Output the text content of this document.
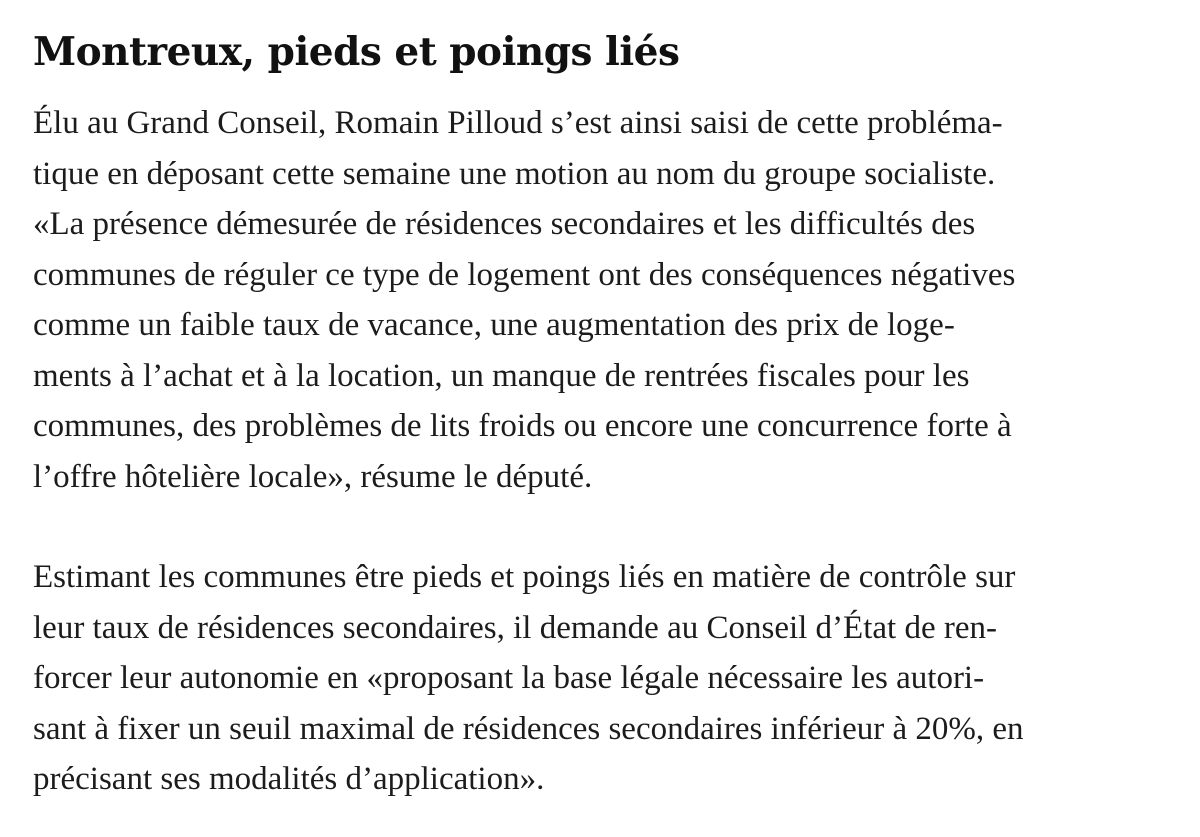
Montreux, pieds et poings liés

Élu au Grand Conseil, Romain Pilloud s’est ainsi saisi de cette probléma-
tique en déposant cette semaine une motion au nom du groupe socialiste.
«La présence démesurée de résidences secondaires et les difficultés des
communes de réguler ce type de logement ont des conséquences négatives
comme un faible taux de vacance, une augmentation des prix de loge-
ments à l’achat et à la location, un manque de rentrées fiscales pour les
communes, des problèmes de lits froids ou encore une concurrence forte à
l’offre hôtelière locale», résume le député.

Estimant les communes être pieds et poings liés en matière de contrôle sur
leur taux de résidences secondaires, il demande au Conseil d’État de ren-
forcer leur autonomie en «proposant la base légale nécessaire les autori-
sant à fixer un seuil maximal de résidences secondaires inférieur à 20%, en
précisant ses modalités d’application».
